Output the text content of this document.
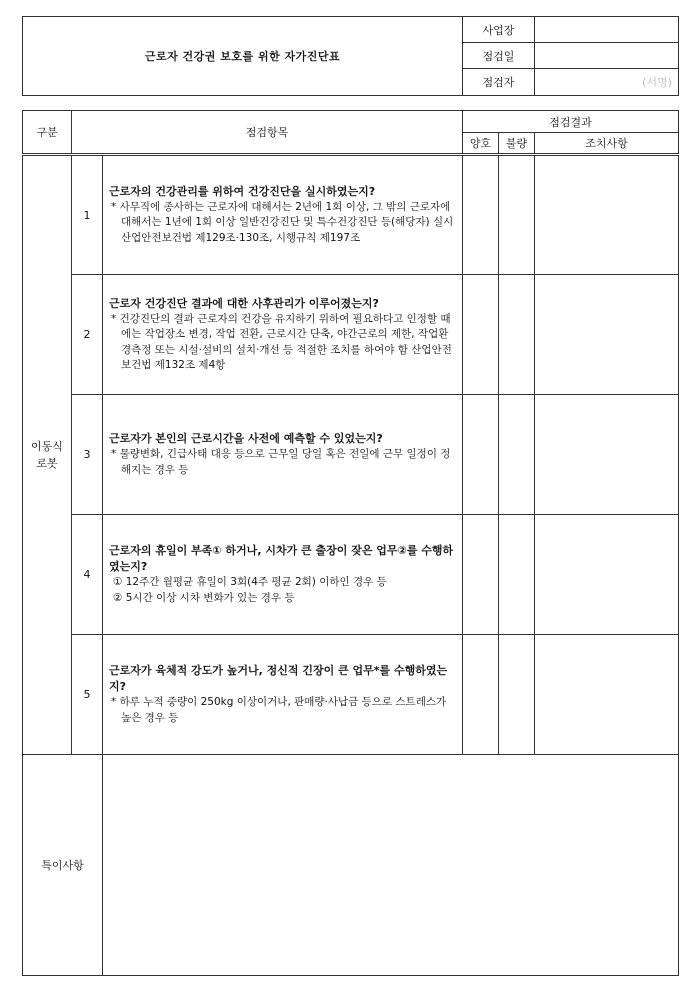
근로자 건강권 보호를 위한 자가진단표	사업장	
	점검일	
	점검자	(서명)
구분	점검항목		점검결과		
			양호	불량	조치사항
이동식 로봇	1	근로자의 건강관리를 위하여 건강진단을 실시하였는지?
* 사무직에 종사하는 근로자에 대해서는 2년에 1회 이상, 그 밖의 근로자에 대해서는 1년에 1회 이상 일반건강진단 및 특수건강진단 등(해당자) 실시 산업안전보건법 제129조·130조, 시행규칙 제197조			

	2	근로자 건강진단 결과에 대한 사후관리가 이루어졌는지?
* 건강진단의 결과 근로자의 건강을 유지하기 위하여 필요하다고 인정할 때에는 작업장소 변경, 작업 전환, 근로시간 단축, 야간근로의 제한, 작업환경측정 또는 시설·설비의 설치·개선 등 적절한 조치를 하여야 함 산업안전보건법 제132조 제4항			

	3	근로자가 본인의 근로시간을 사전에 예측할 수 있었는지?
* 물량변화, 긴급사태 대응 등으로 근무일 당일 혹은 전일에 근무 일정이 정해지는 경우 등			

	4	근로자의 휴일이 부족① 하거나, 시차가 큰 출장이 잦은 업무②를 수행하였는지?
① 12주간 월평균 휴일이 3회(4주 평균 2회) 이하인 경우 등
② 5시간 이상 시차 변화가 있는 경우 등			

	5	근로자가 육체적 강도가 높거나, 정신적 긴장이 큰 업무*를 수행하였는지?
* 하루 누적 중량이 250kg 이상이거나, 판매량·사납금 등으로 스트레스가 높은 경우 등			

특이사항					
